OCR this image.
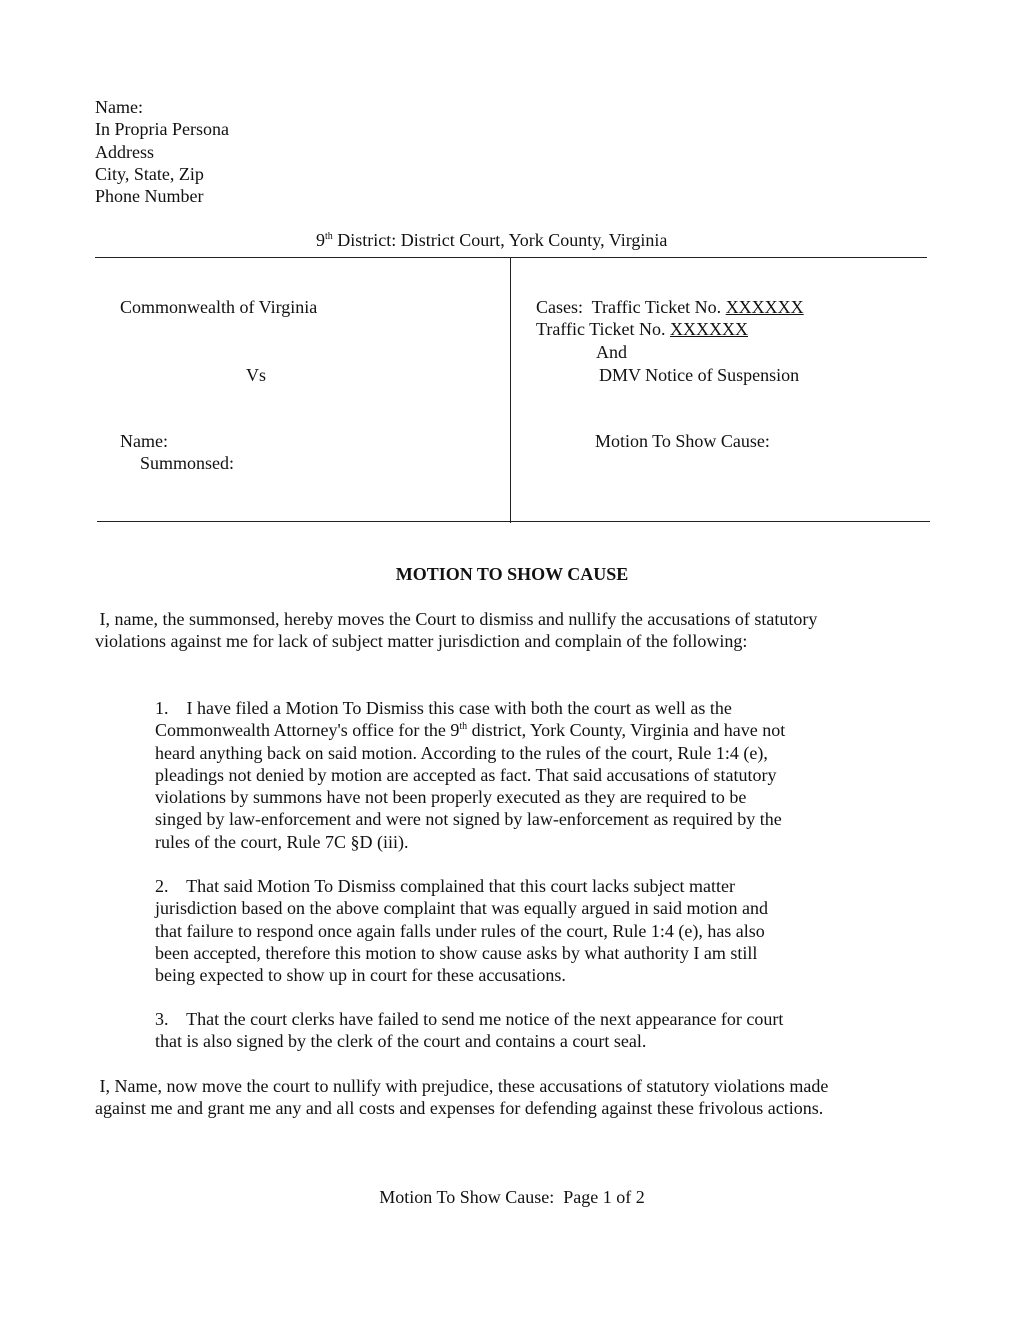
Name:
In Propria Persona
Address
City, State, Zip
Phone Number
9th District: District Court, York County, Virginia
Commonwealth of Virginia
Vs
Name:
Summonsed:
Cases:  Traffic Ticket No. XXXXXX
Traffic Ticket No. XXXXXX
And
DMV Notice of Suspension
Motion To Show Cause:
MOTION TO SHOW CAUSE
I, name, the summonsed, hereby moves the Court to dismiss and nullify the accusations of statutory
violations against me for lack of subject matter jurisdiction and complain of the following:
1.    I have filed a Motion To Dismiss this case with both the court as well as the
Commonwealth Attorney's office for the 9th district, York County, Virginia and have not
heard anything back on said motion. According to the rules of the court, Rule 1:4 (e),
pleadings not denied by motion are accepted as fact. That said accusations of statutory
violations by summons have not been properly executed as they are required to be
singed by law-enforcement and were not signed by law-enforcement as required by the
rules of the court, Rule 7C §D (iii).
2.    That said Motion To Dismiss complained that this court lacks subject matter
jurisdiction based on the above complaint that was equally argued in said motion and
that failure to respond once again falls under rules of the court, Rule 1:4 (e), has also
been accepted, therefore this motion to show cause asks by what authority I am still
being expected to show up in court for these accusations.
3.    That the court clerks have failed to send me notice of the next appearance for court
that is also signed by the clerk of the court and contains a court seal.
I, Name, now move the court to nullify with prejudice, these accusations of statutory violations made
against me and grant me any and all costs and expenses for defending against these frivolous actions.
Motion To Show Cause:  Page 1 of 2
